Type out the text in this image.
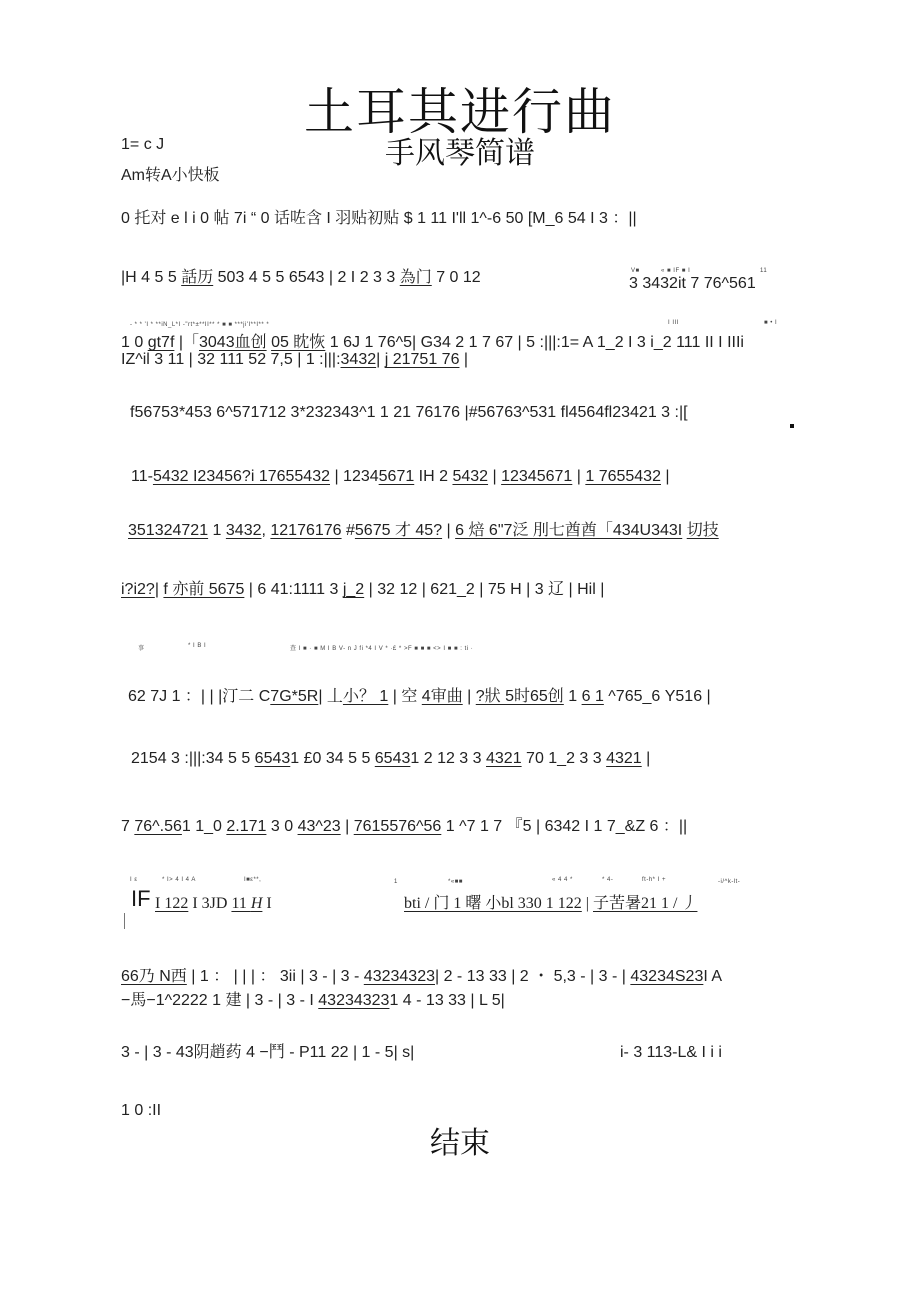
土耳其进行曲
手风琴简谱
1= c J
Am转A小快板
0 托对 e l i 0 帖 7i “ 0 话咗含 I 羽贴初贴 $ 1 11 I'll 1^-6 50 [M_6 54 I 3 ：||
|H 4 5 5 話历 503 4 5 5 6543 | 2 I 2 3 3 為门 7 0 12	V■	« ■ IF ■ I	11
3 3432it 7 76^561
- * * 'I * **iN_L*I -"rt*±**II** * ■ ■ ***ji'I**I** *	I III	■ • I
1 0 gt7f |「3043血创 05 眈恢 1 6J 1 76^5| G34 2 1 7 67 | 5 :|||:1= A 1_2 I 3 i_2 111 II I IIIi
IZ^il 3 11 | 32 111 52 7,5 | 1 :|||:3432| j 21751 76 |
f56753*453 6^571712 3*232343^1 1 21 76176 |#56763^531 fl4564fl23421 3 :|[
11-5432 I23456?i 17655432 | 12345671 IH 2 5432 | 12345671 | 1 7655432 |
351324721 1 3432, 12176176 #5675 才 45? | 6 焙 6"7泛 刖七酋酋「434U343I 切技
i?i2?| f 亦前 5675 | 6 41:1111 3 j_2 | 32 12 | 621_2 | 75 H | 3 辽 | Hil |
事	* I B I	查 I ■ · ■ M I B V- n J fi *4 I V * ·£ * >F ■ ■ ■ <> I ■ ■ : ti ·
62 7J 1 ：| | |汀二 C7G*5R| 丄小？ 1 | 空 4审曲 | ?狀 5时65创 1 6 1 ^765_6 Y516 |
2154 3 :|||:34 5 5 65431 £0 34 5 5 65431 2 12 3 3 4321 70 1_2 3 3 4321 |
7 76^.561 1_0 2.171 3 0 43^23 | 7615576^56 1 ^7 1 7 『5 | 6342 I 1 7_&Z 6 ：||
I ε	* I> 4 I 4 A	I■ε**,	1	*«■■	« 4 4 *	* 4-	ft-h* I +	-i/^k-lt-
IF I 122 I 3JD 11 H I	bti / 门 1 曙 小bl 330 1 122 | 子苦暑21 1 / 丿
66乃 N西 | 1 ： | | | ： 3ii | 3 - | 3 - 43234323| 2 - 13 33 | 2 ・ 5,3 - | 3 - | 43234S23I A
−馬−1^2222 1 建 | 3 - | 3 - I 432343231 4 - 13 33 | L 5|
3 - | 3 - 43阴趙药 4 −鬥 - P11 22 | 1 - 5| s|	i- 3 113-L& I i i
1 0 :II
结束
